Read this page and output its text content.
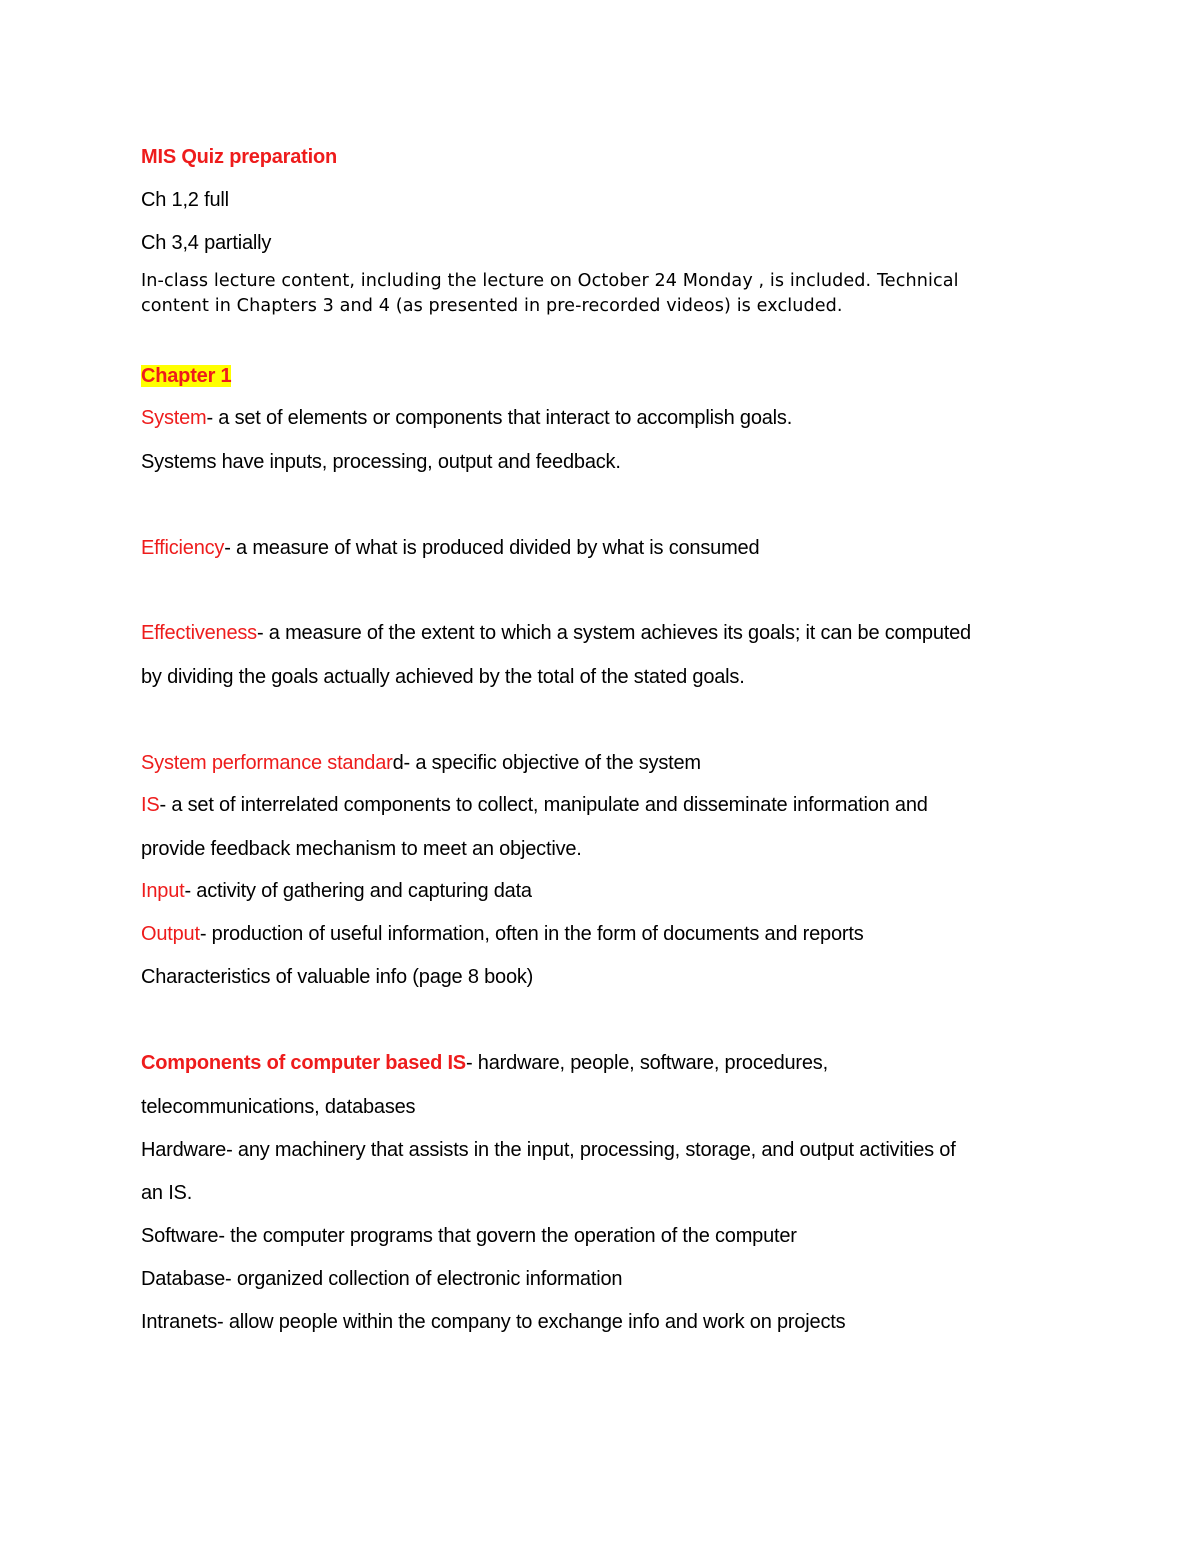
MIS Quiz preparation
Ch 1,2 full
Ch 3,4 partially
In-class lecture content, including the lecture on October 24 Monday , is included. Technical
content in Chapters 3 and 4 (as presented in pre-recorded videos) is excluded.
Chapter 1
System- a set of elements or components that interact to accomplish goals.
Systems have inputs, processing, output and feedback.
Efficiency- a measure of what is produced divided by what is consumed
Effectiveness- a measure of the extent to which a system achieves its goals; it can be computed
by dividing the goals actually achieved by the total of the stated goals.
System performance standard- a specific objective of the system
IS- a set of interrelated components to collect, manipulate and disseminate information and
provide feedback mechanism to meet an objective.
Input- activity of gathering and capturing data
Output- production of useful information, often in the form of documents and reports
Characteristics of valuable info (page 8 book)
Components of computer based IS- hardware, people, software, procedures,
telecommunications, databases
Hardware- any machinery that assists in the input, processing, storage, and output activities of
an IS.
Software- the computer programs that govern the operation of the computer
Database- organized collection of electronic information
Intranets- allow people within the company to exchange info and work on projects
